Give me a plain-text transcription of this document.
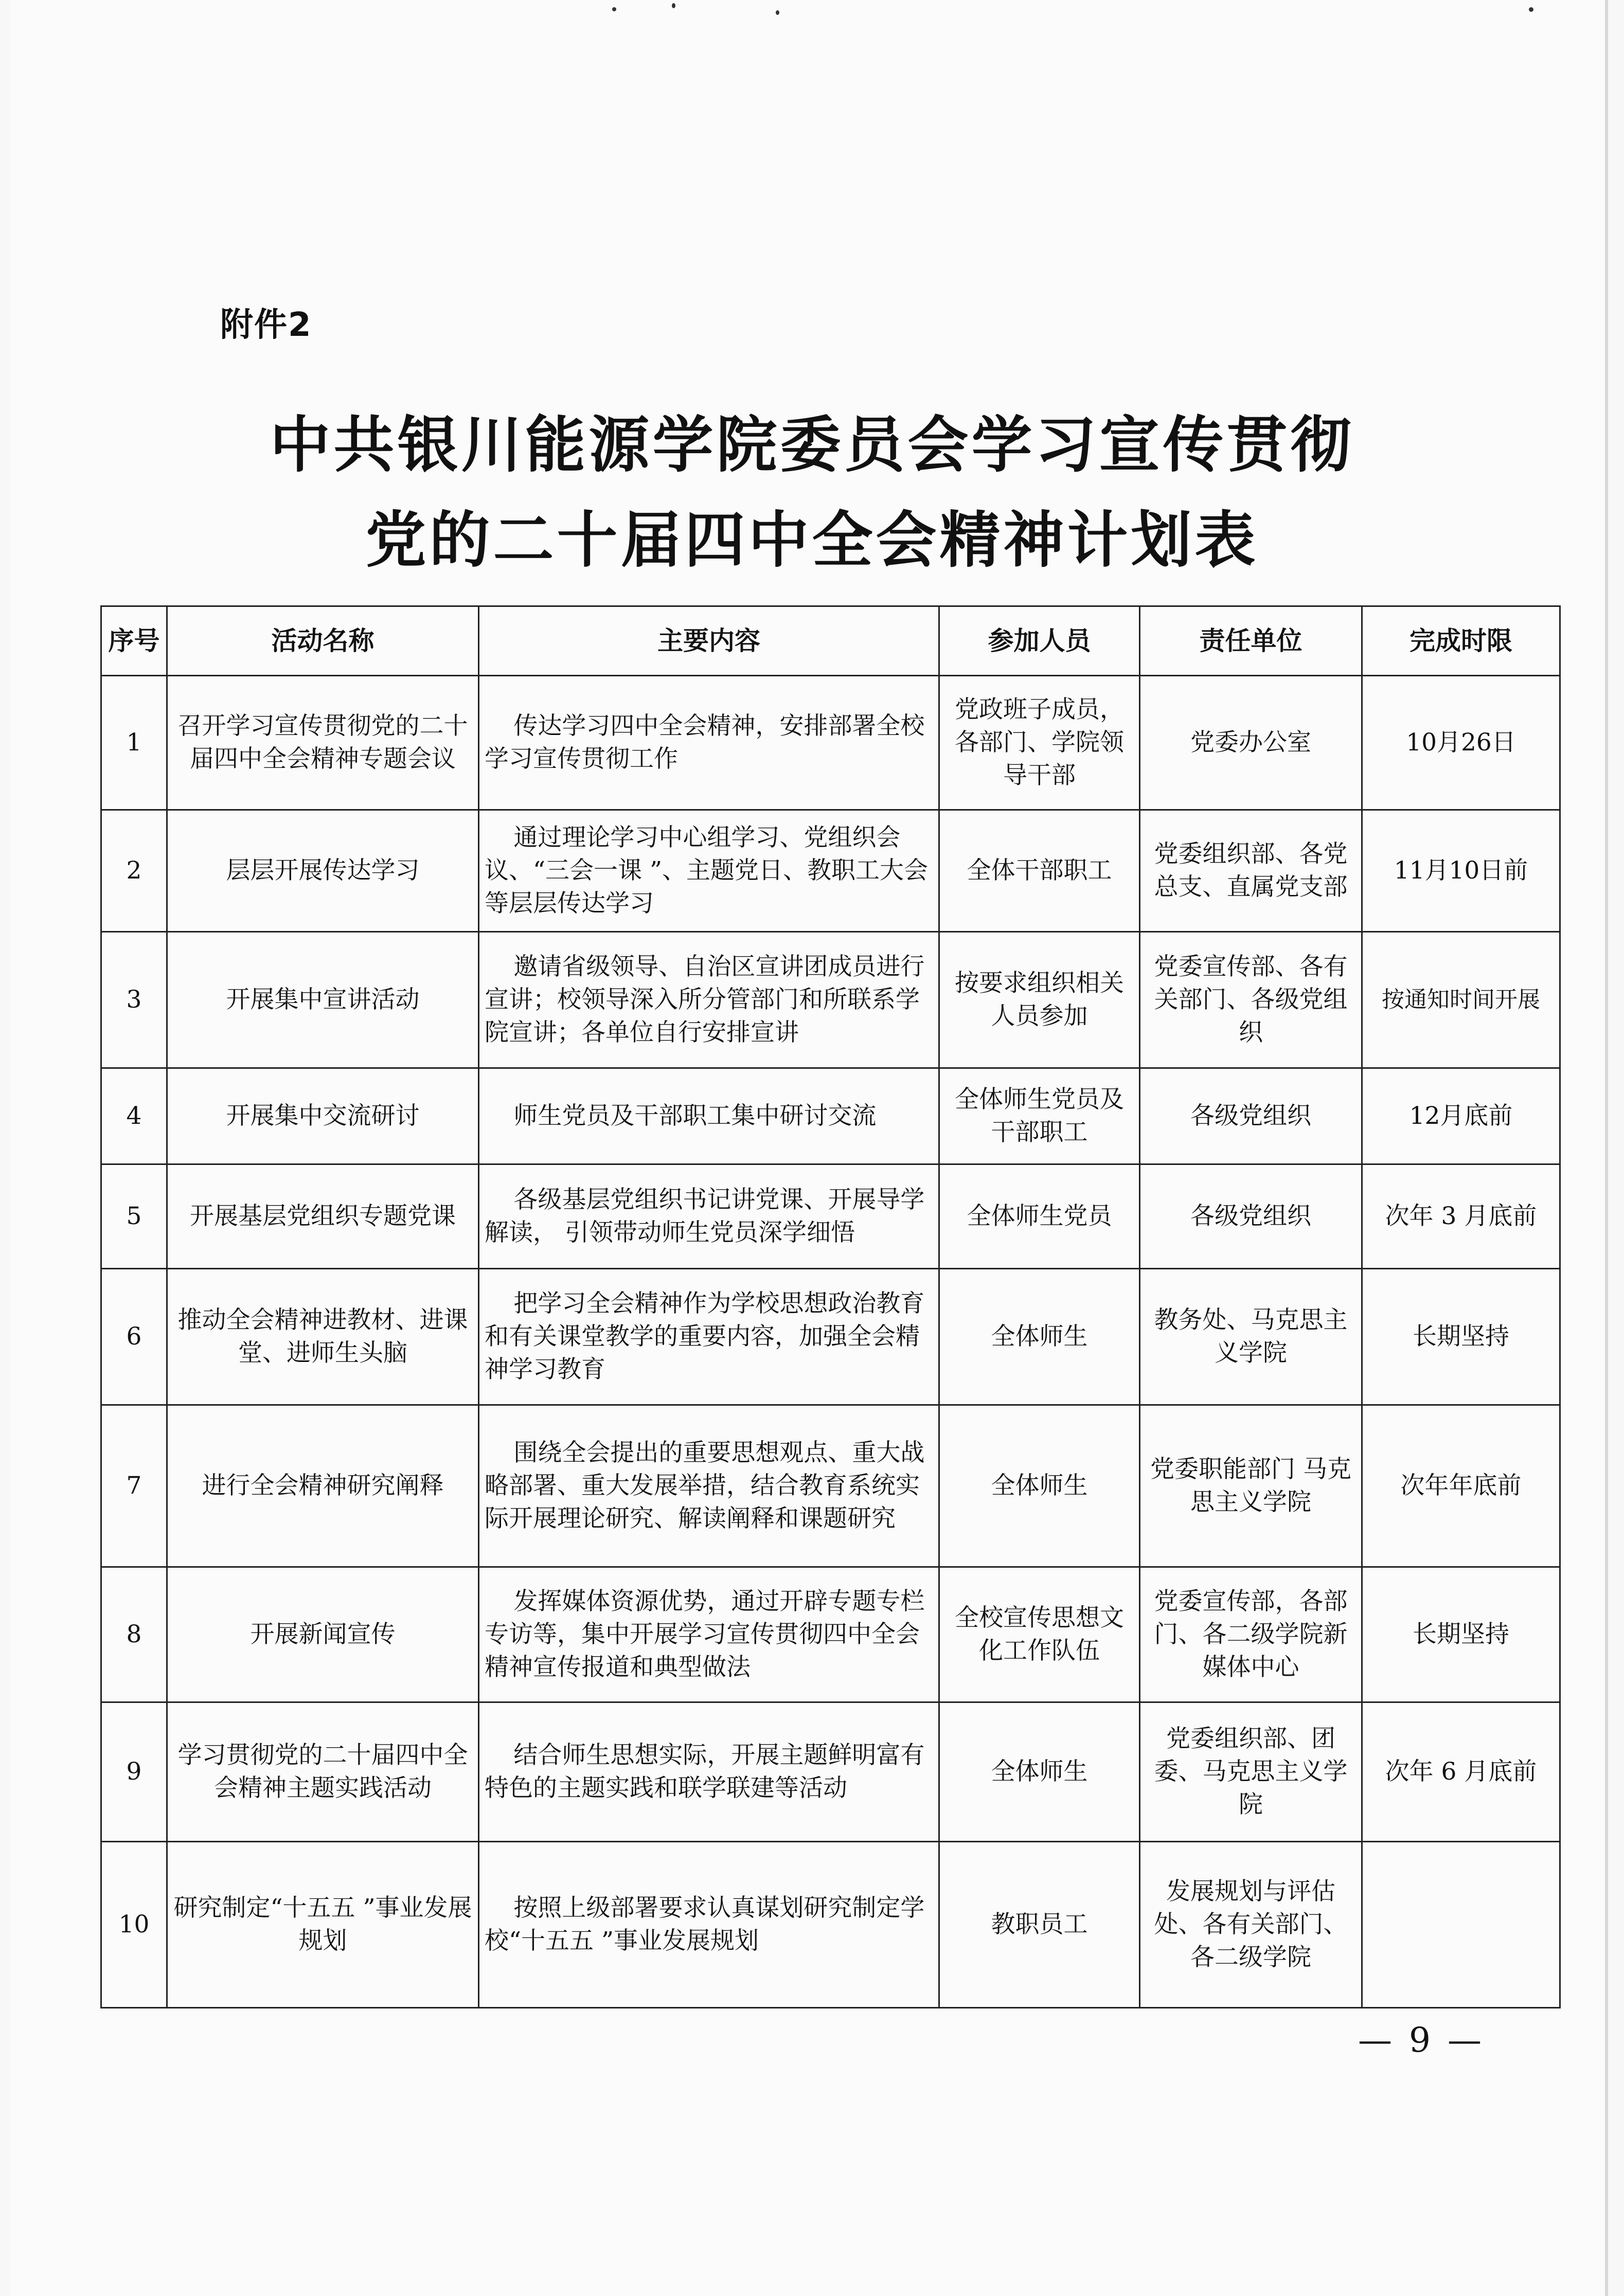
附件2
中共银川能源学院委员会学习宣传贯彻
党的二十届四中全会精神计划表
序号	活动名称	主要内容	参加人员	责任单位	完成时限
1	召开学习宣传贯彻党的二十届四中全会精神专题会议	传达学习四中全会精神，安排部署全校学习宣传贯彻工作	党政班子成员，各部门、学院领导干部	党委办公室	10月26日
2	层层开展传达学习	通过理论学习中心组学习、党组织会议、“三会一课 ”、主题党日、教职工大会等层层传达学习	全体干部职工	党委组织部、各党总支、直属党支部	11月10日前
3	开展集中宣讲活动	邀请省级领导、自治区宣讲团成员进行宣讲；校领导深入所分管部门和所联系学院宣讲；各单位自行安排宣讲	按要求组织相关人员参加	党委宣传部、各有关部门、各级党组织	按通知时间开展
4	开展集中交流研讨	师生党员及干部职工集中研讨交流	全体师生党员及干部职工	各级党组织	12月底前
5	开展基层党组织专题党课	各级基层党组织书记讲党课、开展导学解读， 引领带动师生党员深学细悟	全体师生党员	各级党组织	次年 3 月底前
6	推动全会精神进教材、进课堂、进师生头脑	把学习全会精神作为学校思想政治教育和有关课堂教学的重要内容，加强全会精神学习教育	全体师生	教务处、马克思主义学院	长期坚持
7	进行全会精神研究阐释	围绕全会提出的重要思想观点、重大战略部署、重大发展举措，结合教育系统实际开展理论研究、解读阐释和课题研究	全体师生	党委职能部门 马克思主义学院	次年年底前
8	开展新闻宣传	发挥媒体资源优势，通过开辟专题专栏专访等，集中开展学习宣传贯彻四中全会精神宣传报道和典型做法	全校宣传思想文化工作队伍	党委宣传部，各部门、各二级学院新媒体中心	长期坚持
9	学习贯彻党的二十届四中全会精神主题实践活动	结合师生思想实际，开展主题鲜明富有特色的主题实践和联学联建等活动	全体师生	党委组织部、团委、马克思主义学院	次年 6 月底前
10	研究制定“十五五 ”事业发展规划	按照上级部署要求认真谋划研究制定学校“十五五 ”事业发展规划	教职员工	发展规划与评估处、各有关部门、各二级学院	
— 9 —
